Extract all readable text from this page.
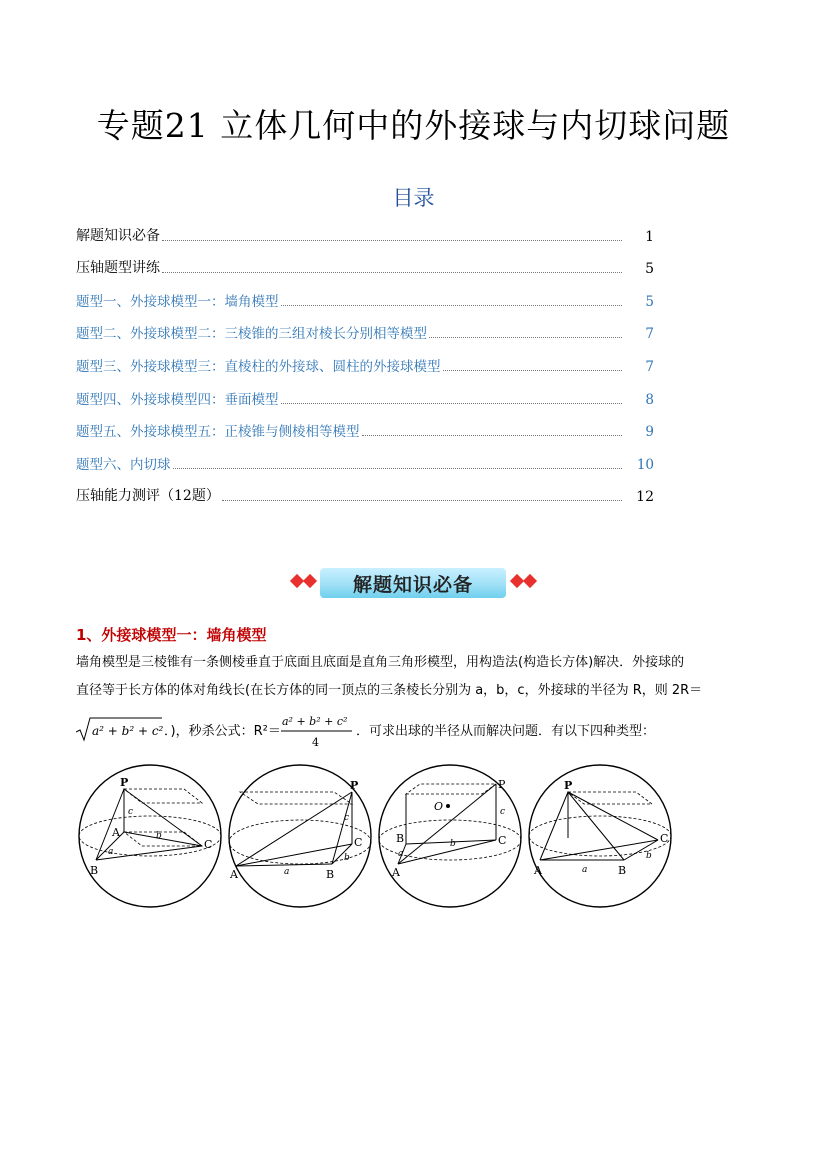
专题21 立体几何中的外接球与内切球问题
目录
解题知识必备	1
压轴题型讲练	5
题型一、外接球模型一：墙角模型	5
题型二、外接球模型二：三棱锥的三组对棱长分别相等模型	7
题型三、外接球模型三：直棱柱的外接球、圆柱的外接球模型	7
题型四、外接球模型四：垂面模型	8
题型五、外接球模型五：正棱锥与侧棱相等模型	9
题型六、内切球	10
压轴能力测评（12题）	12
解题知识必备
1、外接球模型一：墙角模型
墙角模型是三棱锥有一条侧棱垂直于底面且底面是直角三角形模型，用构造法(构造长方体)解决．外接球的
直径等于长方体的体对角线长(在长方体的同一顶点的三条棱长分别为 a，b，c，外接球的半径为 R，则 2R＝
a² + b² + c² ．)，秒杀公式：R²＝
a² + b² + c²
4
．可求出球的半径从而解决问题．有以下四种类型：
P
A
B
C
c
a
b
P
A	B
C
c
a
b
O
P
A
B	C
c
a
b
P
A	B
C
a
b
